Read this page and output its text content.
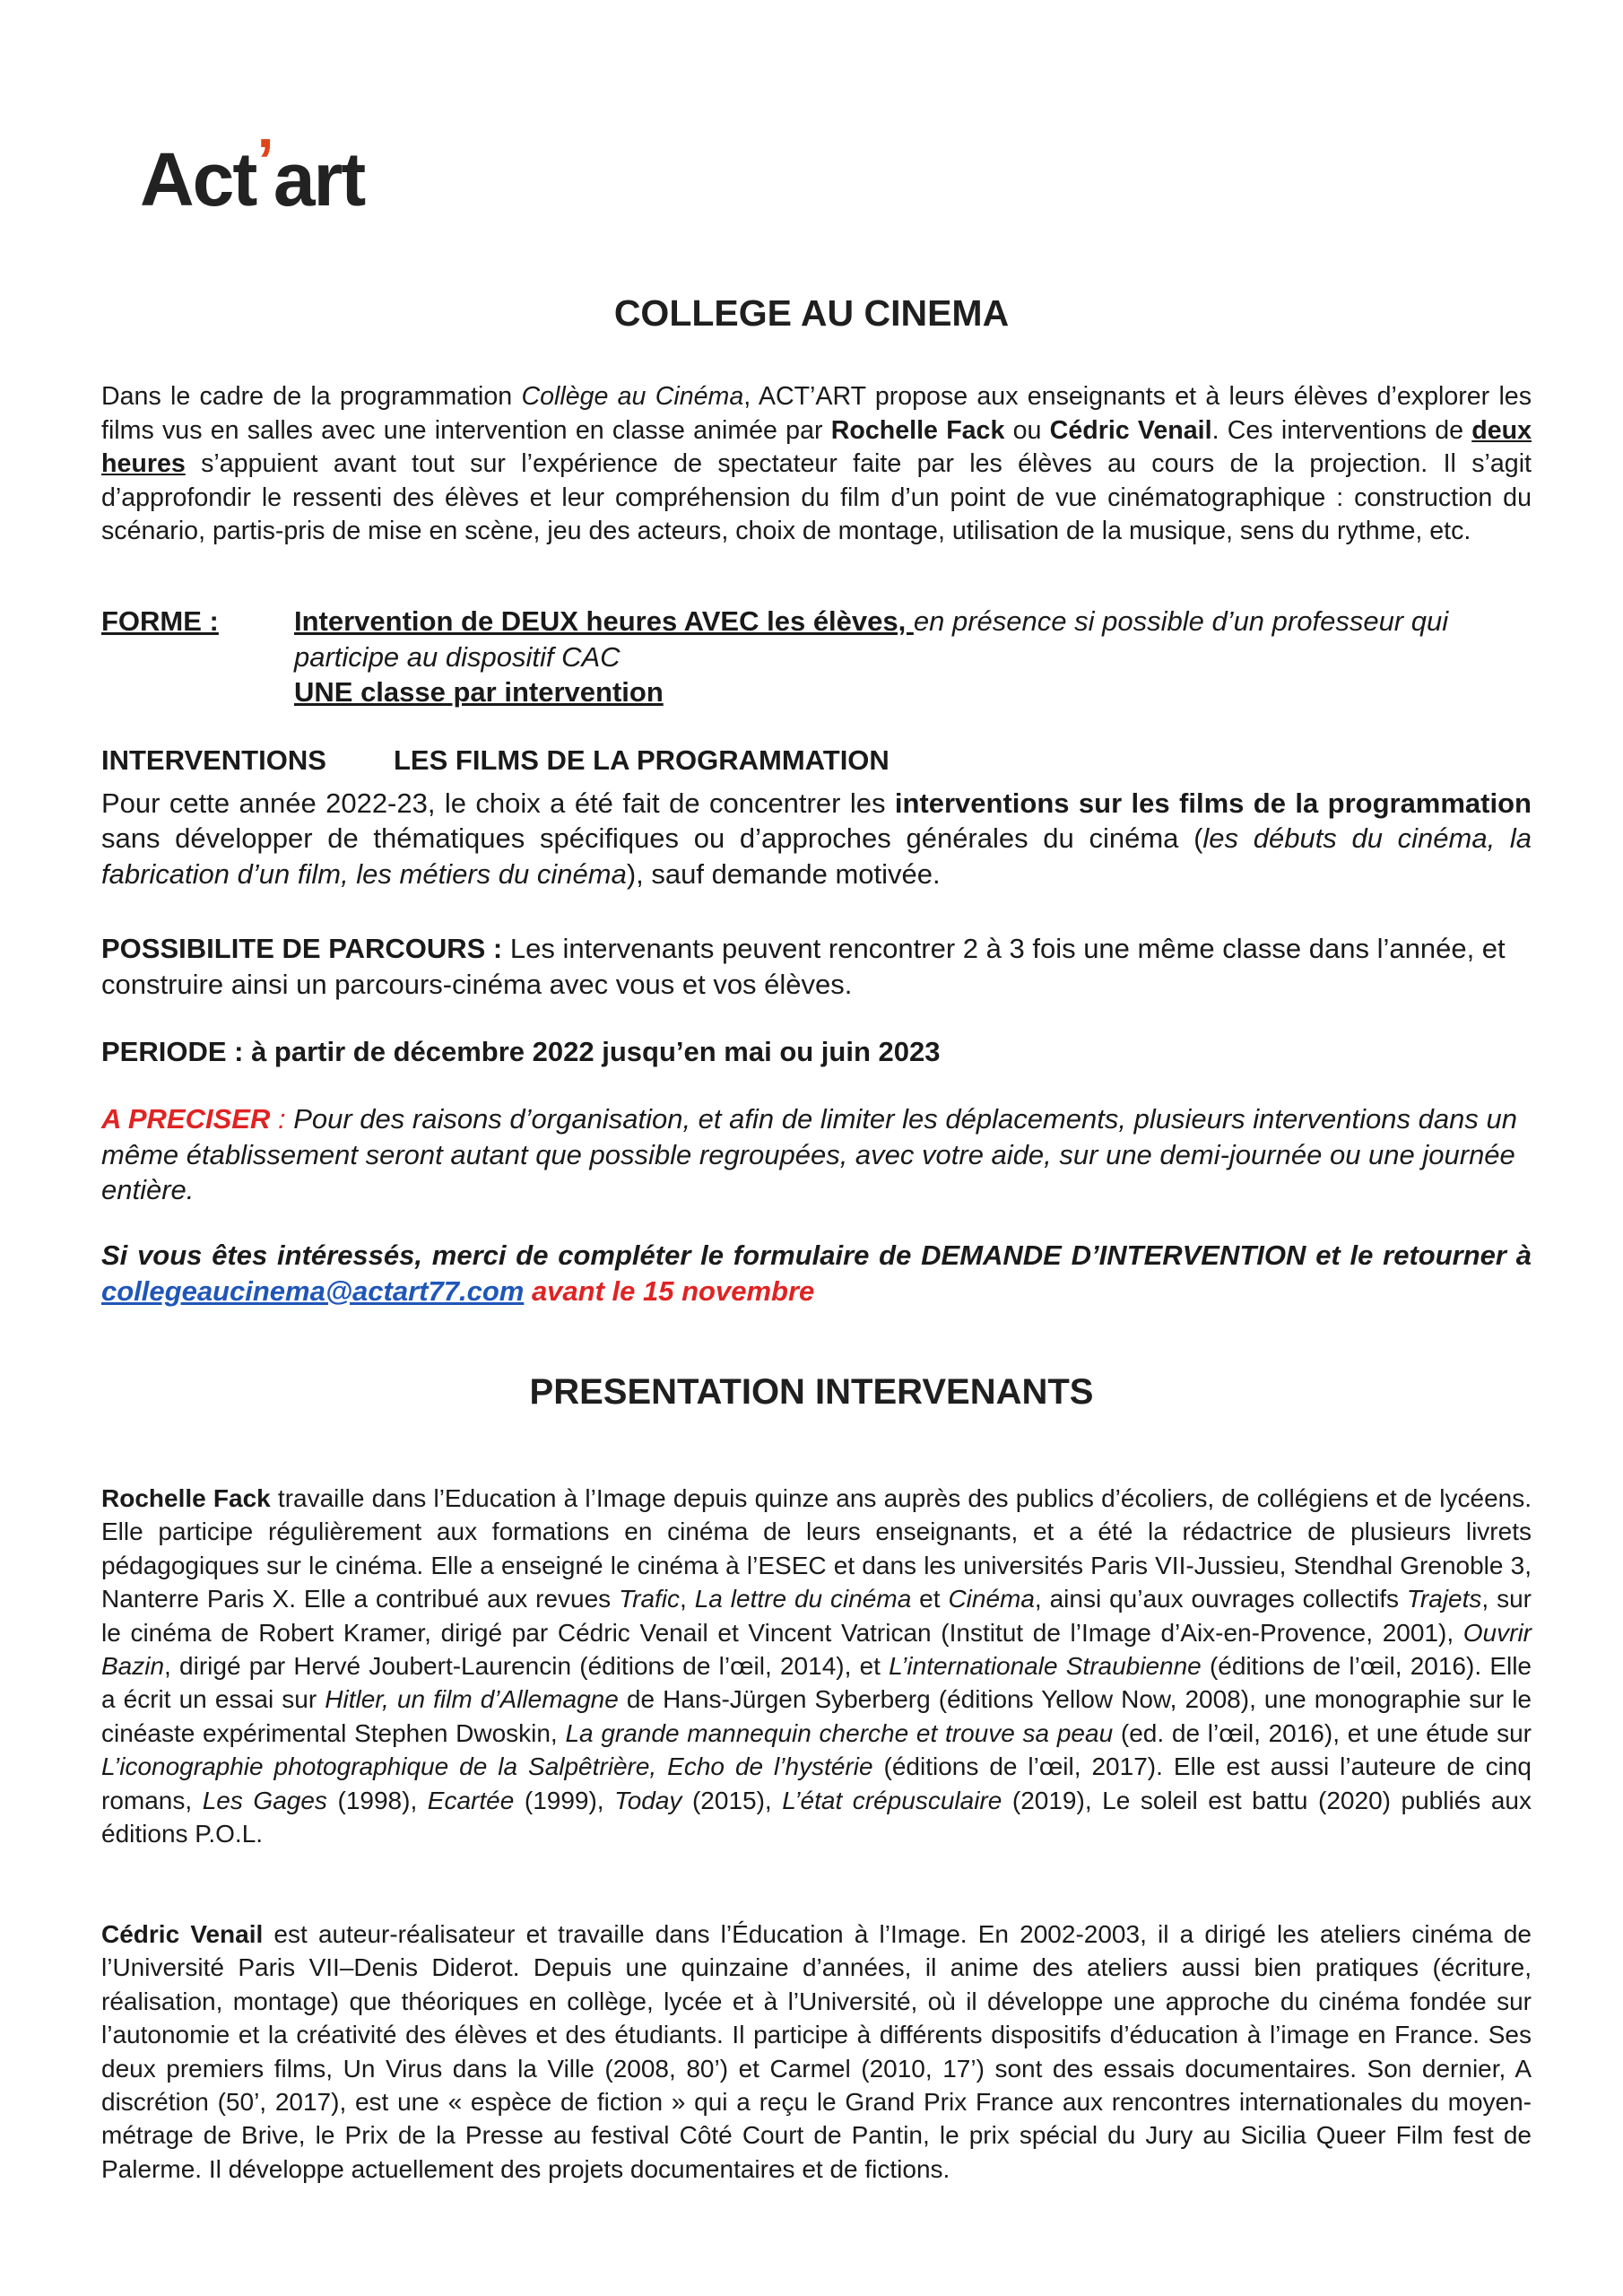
Act’art
COLLEGE AU CINEMA

Dans le cadre de la programmation Collège au Cinéma, ACT’ART propose aux enseignants et à leurs élèves d’explorer les films vus en salles avec une intervention en classe animée par Rochelle Fack ou Cédric Venail. Ces interventions de deux heures s’appuient avant tout sur l’expérience de spectateur faite par les élèves au cours de la projection. Il s’agit d’approfondir le ressenti des élèves et leur compréhension du film d’un point de vue cinématographique : construction du scénario, partis-pris de mise en scène, jeu des acteurs, choix de montage, utilisation de la musique, sens du rythme, etc.

FORME :	Intervention de DEUX heures AVEC les élèves, en présence si possible d’un professeur qui participe au dispositif CAC

UNE classe par intervention

INTERVENTIONS	LES FILMS DE LA PROGRAMMATION

Pour cette année 2022-23, le choix a été fait de concentrer les interventions sur les films de la programmation sans développer de thématiques spécifiques ou d’approches générales du cinéma (les débuts du cinéma, la fabrication d’un film, les métiers du cinéma), sauf demande motivée.

POSSIBILITE DE PARCOURS : Les intervenants peuvent rencontrer 2 à 3 fois une même classe dans l’année, et construire ainsi un parcours-cinéma avec vous et vos élèves.

PERIODE : à partir de décembre 2022 jusqu’en mai ou juin 2023

A PRECISER : Pour des raisons d’organisation, et afin de limiter les déplacements, plusieurs interventions dans un même établissement seront autant que possible regroupées, avec votre aide, sur une demi-journée ou une journée entière.

Si vous êtes intéressés, merci de compléter le formulaire de DEMANDE D’INTERVENTION et le retourner à collegeaucinema@actart77.com avant le 15 novembre

PRESENTATION INTERVENANTS

Rochelle Fack travaille dans l’Education à l’Image depuis quinze ans auprès des publics d’écoliers, de collégiens et de lycéens. Elle participe régulièrement aux formations en cinéma de leurs enseignants, et a été la rédactrice de plusieurs livrets pédagogiques sur le cinéma. Elle a enseigné le cinéma à l’ESEC et dans les universités Paris VII-Jussieu, Stendhal Grenoble 3, Nanterre Paris X. Elle a contribué aux revues Trafic, La lettre du cinéma et Cinéma, ainsi qu’aux ouvrages collectifs Trajets, sur le cinéma de Robert Kramer, dirigé par Cédric Venail et Vincent Vatrican (Institut de l’Image d’Aix-en-Provence, 2001), Ouvrir Bazin, dirigé par Hervé Joubert-Laurencin (éditions de l’œil, 2014), et L’internationale Straubienne (éditions de l’œil, 2016). Elle a écrit un essai sur Hitler, un film d’Allemagne de Hans-Jürgen Syberberg (éditions Yellow Now, 2008), une monographie sur le cinéaste expérimental Stephen Dwoskin, La grande mannequin cherche et trouve sa peau (ed. de l’œil, 2016), et une étude sur L’iconographie photographique de la Salpêtrière, Echo de l’hystérie (éditions de l’œil, 2017). Elle est aussi l’auteure de cinq romans, Les Gages (1998), Ecartée (1999), Today (2015), L’état crépusculaire (2019), Le soleil est battu (2020) publiés aux éditions P.O.L.

Cédric Venail est auteur-réalisateur et travaille dans l’Éducation à l’Image. En 2002-2003, il a dirigé les ateliers cinéma de l’Université Paris VII–Denis Diderot. Depuis une quinzaine d’années, il anime des ateliers aussi bien pratiques (écriture, réalisation, montage) que théoriques en collège, lycée et à l’Université, où il développe une approche du cinéma fondée sur l’autonomie et la créativité des élèves et des étudiants. Il participe à différents dispositifs d’éducation à l’image en France. Ses deux premiers films, Un Virus dans la Ville (2008, 80’) et Carmel (2010, 17’) sont des essais documentaires. Son dernier, A discrétion (50’, 2017), est une « espèce de fiction » qui a reçu le Grand Prix France aux rencontres internationales du moyen-métrage de Brive, le Prix de la Presse au festival Côté Court de Pantin, le prix spécial du Jury au Sicilia Queer Film fest de Palerme. Il développe actuellement des projets documentaires et de fictions.
